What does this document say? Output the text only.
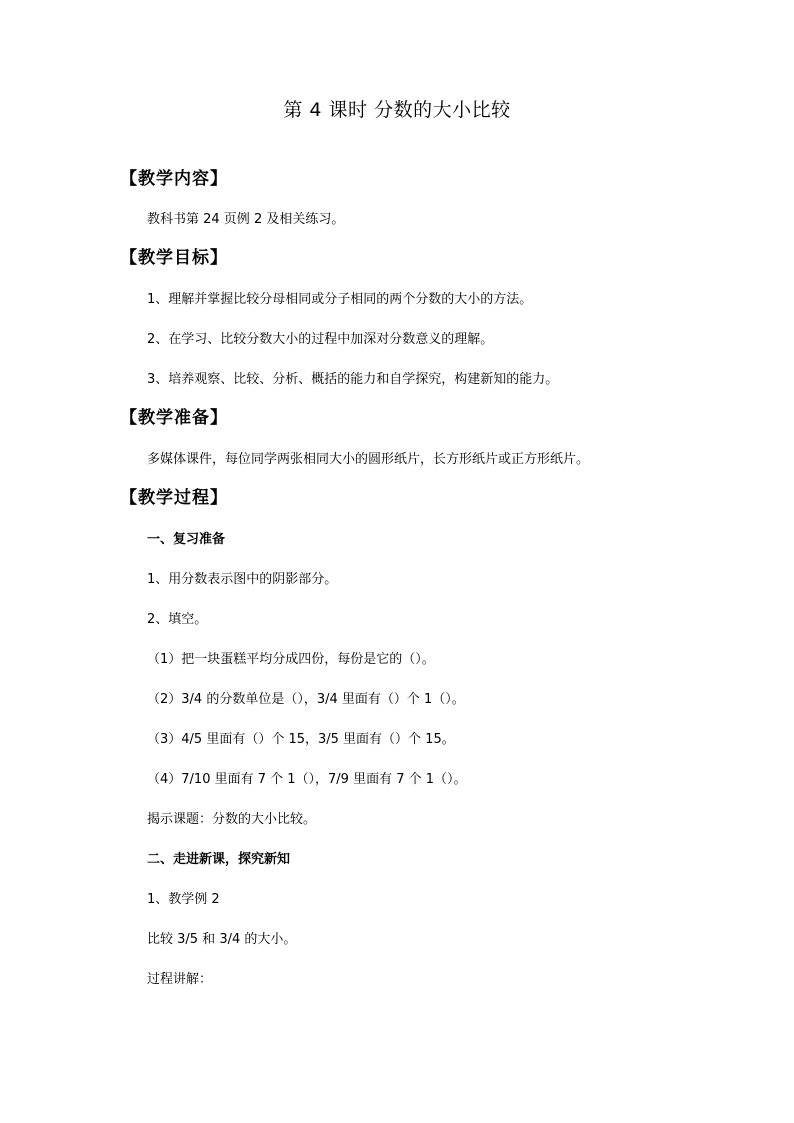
第 4 课时 分数的大小比较
【教学内容】
教科书第 24 页例 2 及相关练习。
【教学目标】
1、理解并掌握比较分母相同或分子相同的两个分数的大小的方法。
2、在学习、比较分数大小的过程中加深对分数意义的理解。
3、培养观察、比较、分析、概括的能力和自学探究，构建新知的能力。
【教学准备】
多媒体课件，每位同学两张相同大小的圆形纸片，长方形纸片或正方形纸片。
【教学过程】
一、复习准备
1、用分数表示图中的阴影部分。
2、填空。
（1）把一块蛋糕平均分成四份，每份是它的（）。
（2）3/4 的分数单位是（），3/4 里面有（）个 1（）。
（3）4/5 里面有（）个 15，3/5 里面有（）个 15。
（4）7/10 里面有 7 个 1（），7/9 里面有 7 个 1（）。
揭示课题：分数的大小比较。
二、走进新课，探究新知
1、教学例 2
比较 3/5 和 3/4 的大小。
过程讲解：
